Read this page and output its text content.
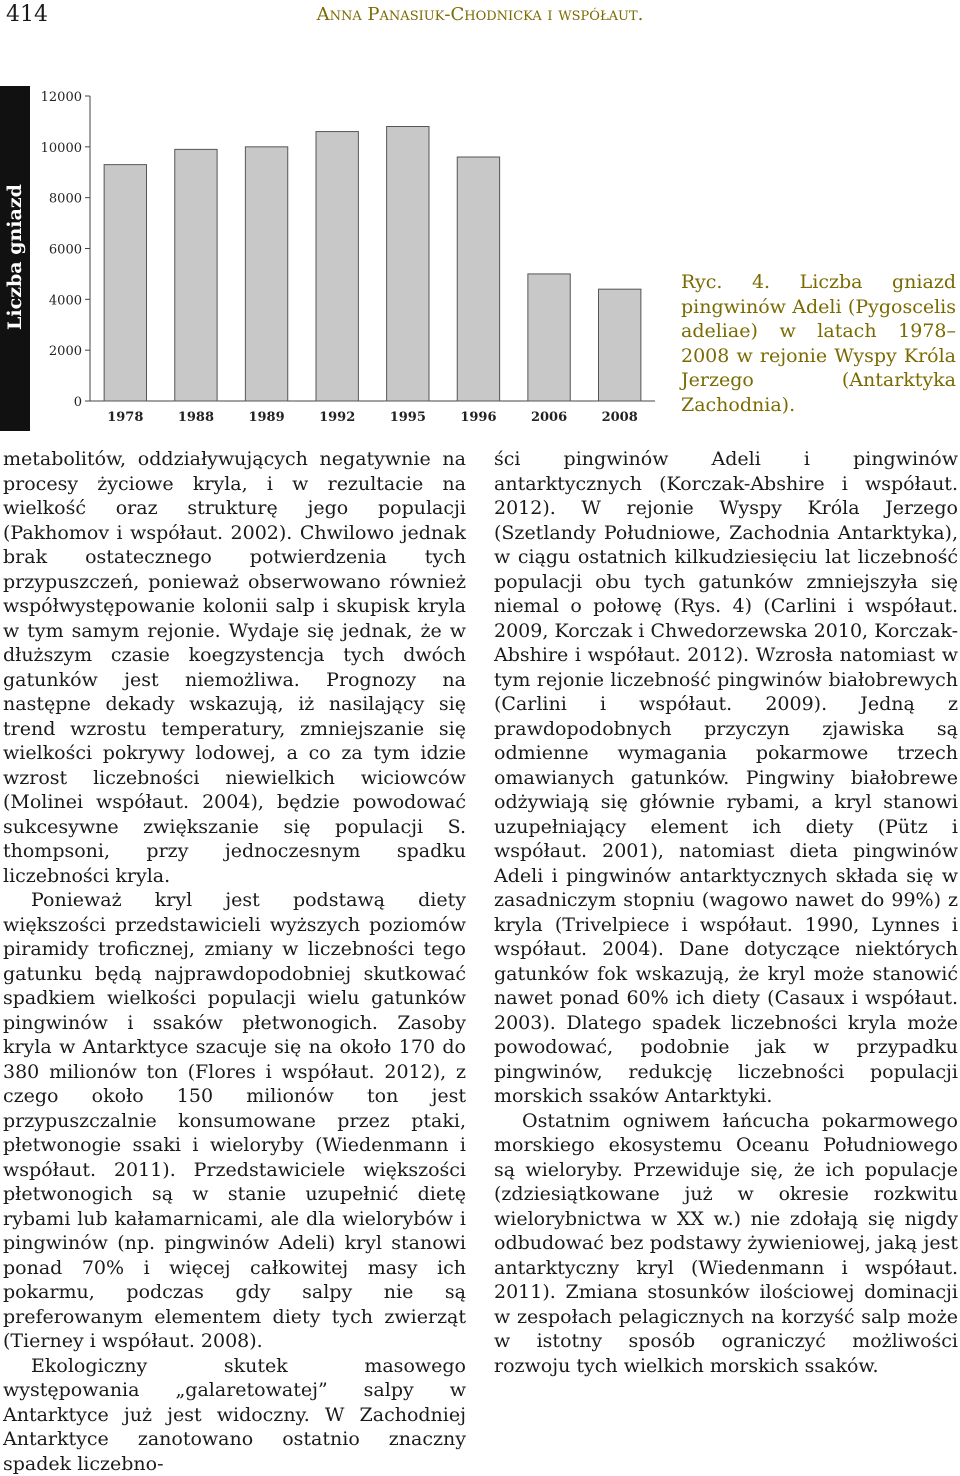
414	Anna Panasiuk-Chodnicka i współaut.
Liczba gniazd
0
2000
4000
6000
8000
10000
12000
1978	1988	1989	1992	1995	1996	2006	2008
Ryc. 4. Liczba gniazd pingwinów Adeli (Pygoscelis adeliae) w latach 1978–2008 w rejonie Wyspy Króla Jerzego (Antarktyka Zachodnia).

metabolitów, oddziaływujących negatywnie na procesy życiowe kryla, i w rezultacie na wielkość oraz strukturę jego populacji (Pakhomov i współaut. 2002). Chwilowo jednak brak ostatecznego potwierdzenia tych przypuszczeń, ponieważ obserwowano również współwystępowanie kolonii salp i skupisk kryla w tym samym rejonie. Wydaje się jednak, że w dłuższym czasie koegzystencja tych dwóch gatunków jest niemożliwa. Prognozy na następne dekady wskazują, iż nasilający się trend wzrostu temperatury, zmniejszanie się wielkości pokrywy lodowej, a co za tym idzie wzrost liczebności niewielkich wiciowców (Molinei współaut. 2004), będzie powodować sukcesywne zwiększanie się populacji S. thompsoni, przy jednoczesnym spadku liczebności kryla.

Ponieważ kryl jest podstawą diety większości przedstawicieli wyższych poziomów piramidy troficznej, zmiany w liczebności tego gatunku będą najprawdopodobniej skutkować spadkiem wielkości populacji wielu gatunków pingwinów i ssaków płetwonogich. Zasoby kryla w Antarktyce szacuje się na około 170 do 380 milionów ton (Flores i współaut. 2012), z czego około 150 milionów ton jest przypuszczalnie konsumowane przez ptaki, płetwonogie ssaki i wieloryby (Wiedenmann i współaut. 2011). Przedstawiciele większości płetwonogich są w stanie uzupełnić dietę rybami lub kałamarnicami, ale dla wielorybów i pingwinów (np. pingwinów Adeli) kryl stanowi ponad 70% i więcej całkowitej masy ich pokarmu, podczas gdy salpy nie są preferowanym elementem diety tych zwierząt (Tierney i współaut. 2008).

Ekologiczny skutek masowego występowania „galaretowatej” salpy w Antarktyce już jest widoczny. W Zachodniej Antarktyce zanotowano ostatnio znaczny spadek liczebno-

ści pingwinów Adeli i pingwinów antarktycznych (Korczak-Abshire i współaut. 2012). W rejonie Wyspy Króla Jerzego (Szetlandy Południowe, Zachodnia Antarktyka), w ciągu ostatnich kilkudziesięciu lat liczebność populacji obu tych gatunków zmniejszyła się niemal o połowę (Rys. 4) (Carlini i współaut. 2009, Korczak i Chwedorzewska 2010, Korczak-Abshire i współaut. 2012). Wzrosła natomiast w tym rejonie liczebność pingwinów białobrewych (Carlini i współaut. 2009). Jedną z prawdopodobnych przyczyn zjawiska są odmienne wymagania pokarmowe trzech omawianych gatunków. Pingwiny białobrewe odżywiają się głównie rybami, a kryl stanowi uzupełniający element ich diety (Pütz i współaut. 2001), natomiast dieta pingwinów Adeli i pingwinów antarktycznych składa się w zasadniczym stopniu (wagowo nawet do 99%) z kryla (Trivelpiece i współaut. 1990, Lynnes i współaut. 2004). Dane dotyczące niektórych gatunków fok wskazują, że kryl może stanowić nawet ponad 60% ich diety (Casaux i współaut. 2003). Dlatego spadek liczebności kryla może powodować, podobnie jak w przypadku pingwinów, redukcję liczebności populacji morskich ssaków Antarktyki.

Ostatnim ogniwem łańcucha pokarmowego morskiego ekosystemu Oceanu Południowego są wieloryby. Przewiduje się, że ich populacje (zdziesiątkowane już w okresie rozkwitu wielorybnictwa w XX w.) nie zdołają się nigdy odbudować bez podstawy żywieniowej, jaką jest antarktyczny kryl (Wiedenmann i współaut. 2011). Zmiana stosunków ilościowej dominacji w zespołach pelagicznych na korzyść salp może w istotny sposób ograniczyć możliwości rozwoju tych wielkich morskich ssaków.
